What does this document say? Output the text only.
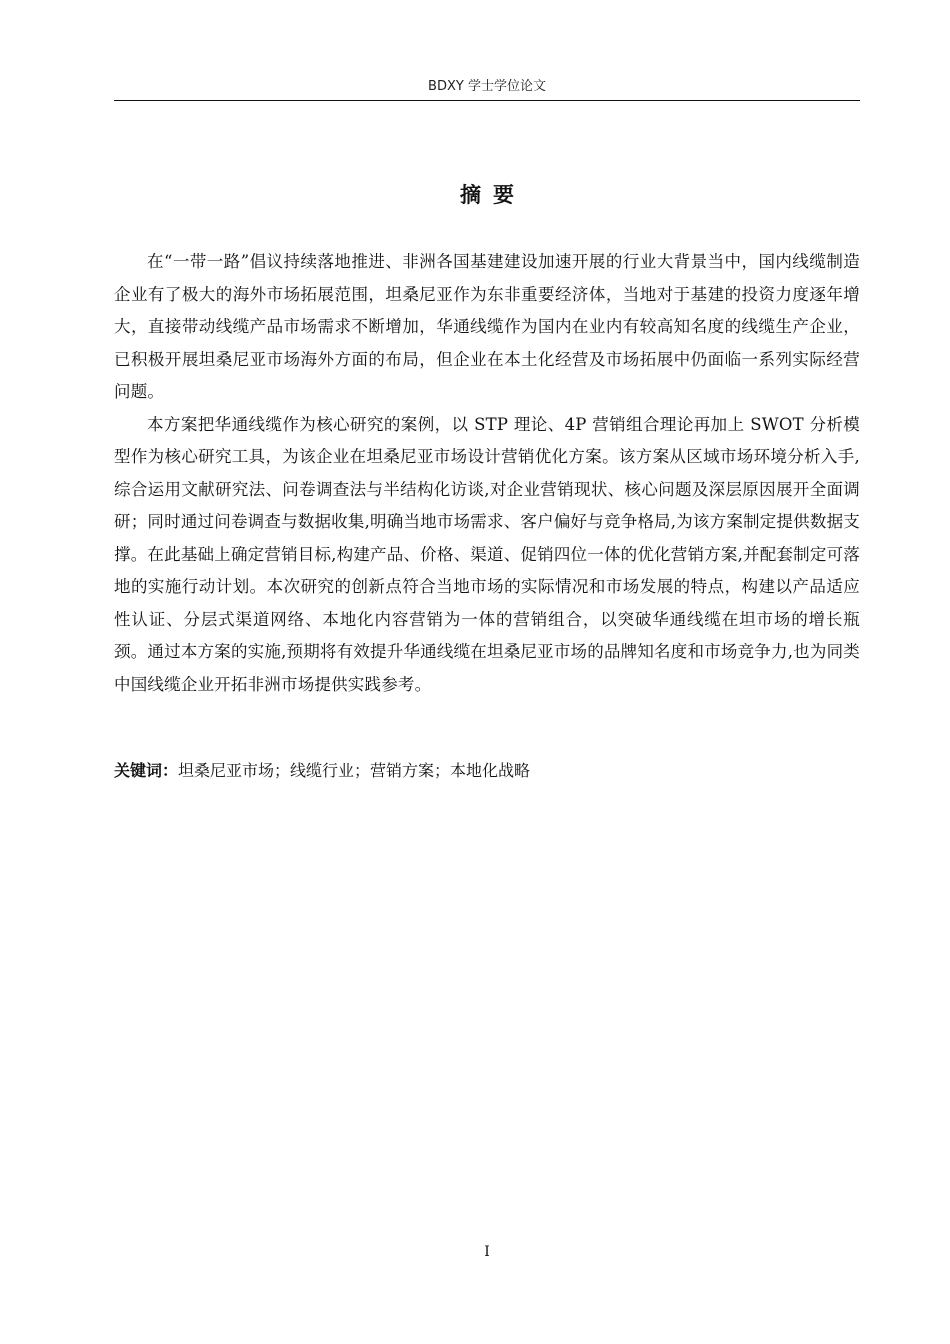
BDXY 学士学位论文
摘要

在“一带一路”倡议持续落地推进、非洲各国基建建设加速开展的行业大背景当中，国内线缆制造企业有了极大的海外市场拓展范围，坦桑尼亚作为东非重要经济体，当地对于基建的投资力度逐年增大，直接带动线缆产品市场需求不断增加，华通线缆作为国内在业内有较高知名度的线缆生产企业，已积极开展坦桑尼亚市场海外方面的布局，但企业在本土化经营及市场拓展中仍面临一系列实际经营问题。

本方案把华通线缆作为核心研究的案例，以 STP 理论、4P 营销组合理论再加上 SWOT 分析模型作为核心研究工具，为该企业在坦桑尼亚市场设计营销优化方案。该方案从区域市场环境分析入手,综合运用文献研究法、问卷调查法与半结构化访谈,对企业营销现状、核心问题及深层原因展开全面调研；同时通过问卷调查与数据收集,明确当地市场需求、客户偏好与竞争格局,为该方案制定提供数据支撑。在此基础上确定营销目标,构建产品、价格、渠道、促销四位一体的优化营销方案,并配套制定可落地的实施行动计划。本次研究的创新点符合当地市场的实际情况和市场发展的特点，构建以产品适应性认证、分层式渠道网络、本地化内容营销为一体的营销组合，以突破华通线缆在坦市场的增长瓶颈。通过本方案的实施,预期将有效提升华通线缆在坦桑尼亚市场的品牌知名度和市场竞争力,也为同类中国线缆企业开拓非洲市场提供实践参考。

关键词：坦桑尼亚市场；线缆行业；营销方案；本地化战略
I
